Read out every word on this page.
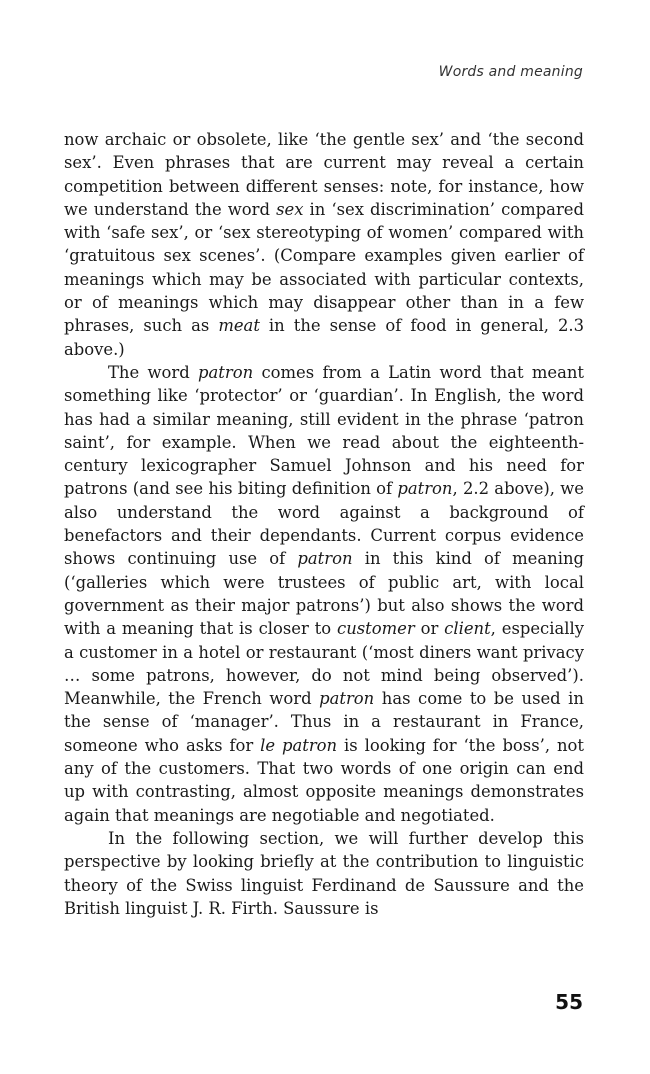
Words and meaning

now archaic or obsolete, like ‘the gentle sex’ and ‘the second sex’. Even phrases that are current may reveal a certain competition between different senses: note, for instance, how we understand the word sex in ‘sex discrimination’ compared with ‘safe sex’, or ‘sex stereotyping of women’ compared with ‘gratuitous sex scenes’. (Compare examples given earlier of meanings which may be associated with particular contexts, or of meanings which may disappear other than in a few phrases, such as meat in the sense of food in general, 2.3 above.)

The word patron comes from a Latin word that meant something like ‘protector’ or ‘guardian’. In English, the word has had a similar meaning, still evident in the phrase ‘patron saint’, for example. When we read about the eighteenth-century lexicographer Samuel Johnson and his need for patrons (and see his biting definition of patron, 2.2 above), we also understand the word against a background of benefactors and their dependants. Current corpus evidence shows continuing use of patron in this kind of meaning (‘galleries which were trustees of public art, with local government as their major patrons’) but also shows the word with a meaning that is closer to customer or client, especially a customer in a hotel or restaurant (‘most diners want privacy … some patrons, however, do not mind being observed’). Meanwhile, the French word patron has come to be used in the sense of ‘manager’. Thus in a restaurant in France, someone who asks for le patron is looking for ‘the boss’, not any of the customers. That two words of one origin can end up with contrasting, almost opposite meanings demonstrates again that meanings are negotiable and negotiated.

In the following section, we will further develop this perspective by looking briefly at the contribution to linguistic theory of the Swiss linguist Ferdinand de Saussure and the British linguist J. R. Firth. Saussure is

55
